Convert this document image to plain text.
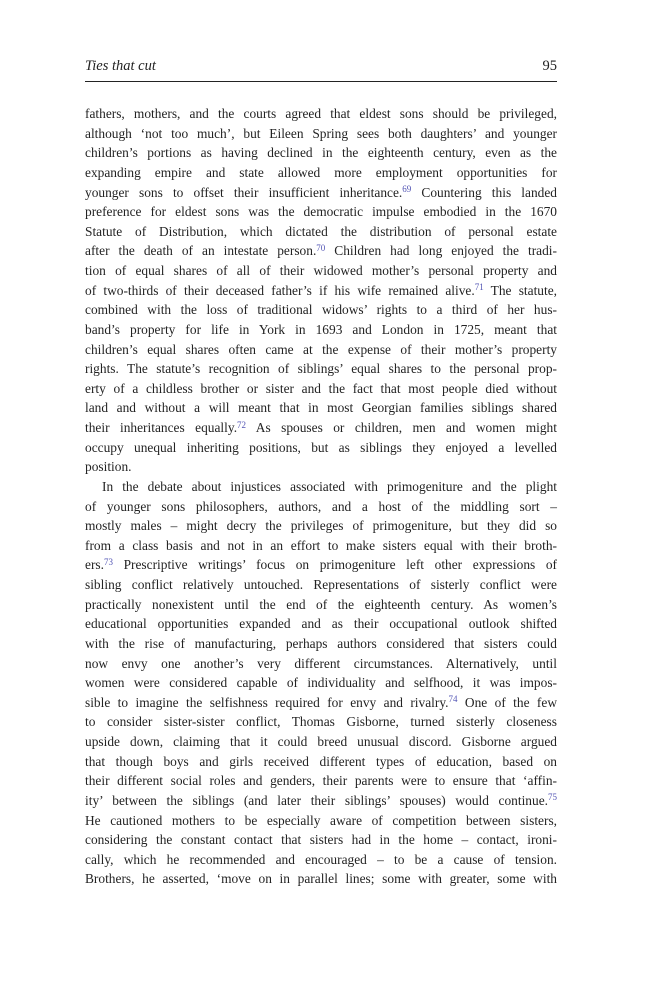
Ties that cut	95
fathers, mothers, and the courts agreed that eldest sons should be privileged,
although ‘not too much’, but Eileen Spring sees both daughters’ and younger
children’s portions as having declined in the eighteenth century, even as the
expanding empire and state allowed more employment opportunities for
younger sons to offset their insufficient inheritance.$^{69}$ Countering this landed
preference for eldest sons was the democratic impulse embodied in the 1670
Statute of Distribution, which dictated the distribution of personal estate
after the death of an intestate person.$^{70}$ Children had long enjoyed the tradi-
tion of equal shares of all of their widowed mother’s personal property and
of two-thirds of their deceased father’s if his wife remained alive.$^{71}$ The statute,
combined with the loss of traditional widows’ rights to a third of her hus-
band’s property for life in York in 1693 and London in 1725, meant that
children’s equal shares often came at the expense of their mother’s property
rights. The statute’s recognition of siblings’ equal shares to the personal prop-
erty of a childless brother or sister and the fact that most people died without
land and without a will meant that in most Georgian families siblings shared
their inheritances equally.$^{72}$ As spouses or children, men and women might
occupy unequal inheriting positions, but as siblings they enjoyed a levelled
position.
In the debate about injustices associated with primogeniture and the plight
of younger sons philosophers, authors, and a host of the middling sort –
mostly males – might decry the privileges of primogeniture, but they did so
from a class basis and not in an effort to make sisters equal with their broth-
ers.$^{73}$ Prescriptive writings’ focus on primogeniture left other expressions of
sibling conflict relatively untouched. Representations of sisterly conflict were
practically nonexistent until the end of the eighteenth century. As women’s
educational opportunities expanded and as their occupational outlook shifted
with the rise of manufacturing, perhaps authors considered that sisters could
now envy one another’s very different circumstances. Alternatively, until
women were considered capable of individuality and selfhood, it was impos-
sible to imagine the selfishness required for envy and rivalry.$^{74}$ One of the few
to consider sister-sister conflict, Thomas Gisborne, turned sisterly closeness
upside down, claiming that it could breed unusual discord. Gisborne argued
that though boys and girls received different types of education, based on
their different social roles and genders, their parents were to ensure that ‘affin-
ity’ between the siblings (and later their siblings’ spouses) would continue.$^{75}$
He cautioned mothers to be especially aware of competition between sisters,
considering the constant contact that sisters had in the home – contact, ironi-
cally, which he recommended and encouraged – to be a cause of tension.
Brothers, he asserted, ‘move on in parallel lines; some with greater, some with
